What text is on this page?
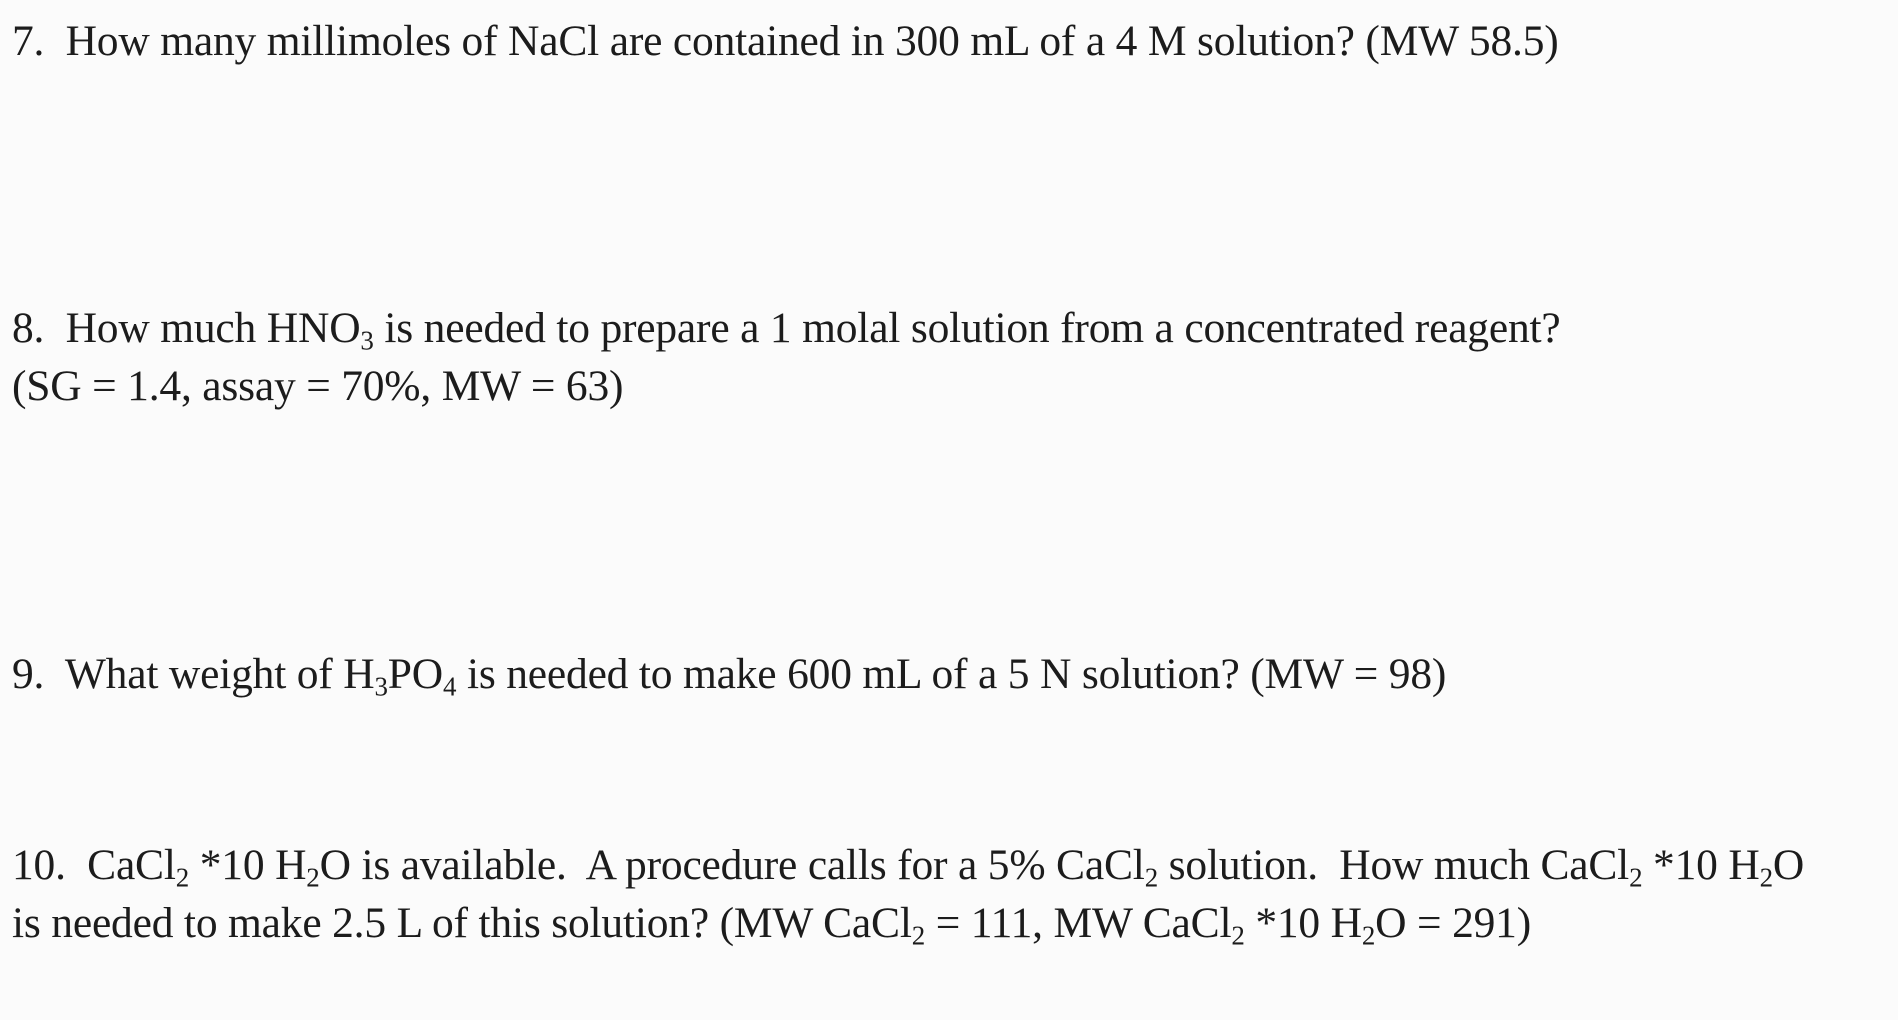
7. How many millimoles of NaCl are contained in 300 mL of a 4 M solution? (MW 58.5)

8. How much $HNO_3$ is needed to prepare a 1 molal solution from a concentrated reagent?
(SG = 1.4, assay = 70%, MW = 63)

9. What weight of $H_3PO_4$ is needed to make 600 mL of a 5 N solution? (MW = 98)

10. CaCl$_2$ *10 $H_2O$ is available.  A procedure calls for a 5% CaCl$_2$ solution.  How much CaCl$_2$ *10 $H_2O$
is needed to make 2.5 L of this solution? (MW CaCl$_2$ = 111, MW CaCl$_2$ *10 $H_2O = 291$)
